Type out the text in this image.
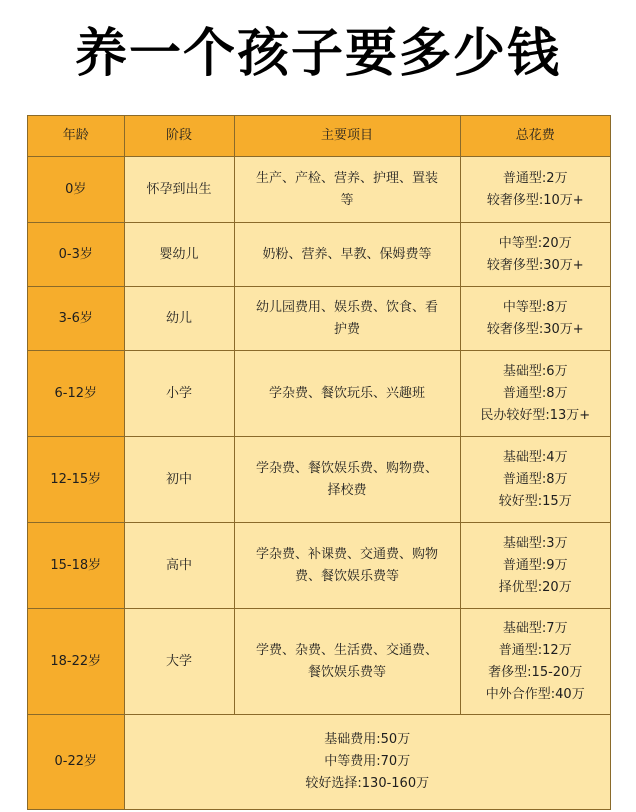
养一个孩子要多少钱
年龄	阶段	主要项目	总花费
0岁	怀孕到出生	生产、产检、营养、护理、置装等	普通型:2万
较奢侈型:10万+

0-3岁	婴幼儿	奶粉、营养、早教、保姆费等	中等型:20万
较奢侈型:30万+

3-6岁	幼儿	幼儿园费用、娱乐费、饮食、看护费	中等型:8万
较奢侈型:30万+

6-12岁	小学	学杂费、餐饮玩乐、兴趣班	基础型:6万
普通型:8万
民办较好型:13万+

12-15岁	初中	学杂费、餐饮娱乐费、购物费、择校费	基础型:4万
普通型:8万
较好型:15万

15-18岁	高中	学杂费、补课费、交通费、购物费、餐饮娱乐费等	基础型:3万
普通型:9万
择优型:20万

18-22岁	大学	学费、杂费、生活费、交通费、餐饮娱乐费等	基础型:7万
普通型:12万
奢侈型:15-20万
中外合作型:40万

0-22岁	基础费用:50万
中等费用:70万
较好选择:130-160万		
